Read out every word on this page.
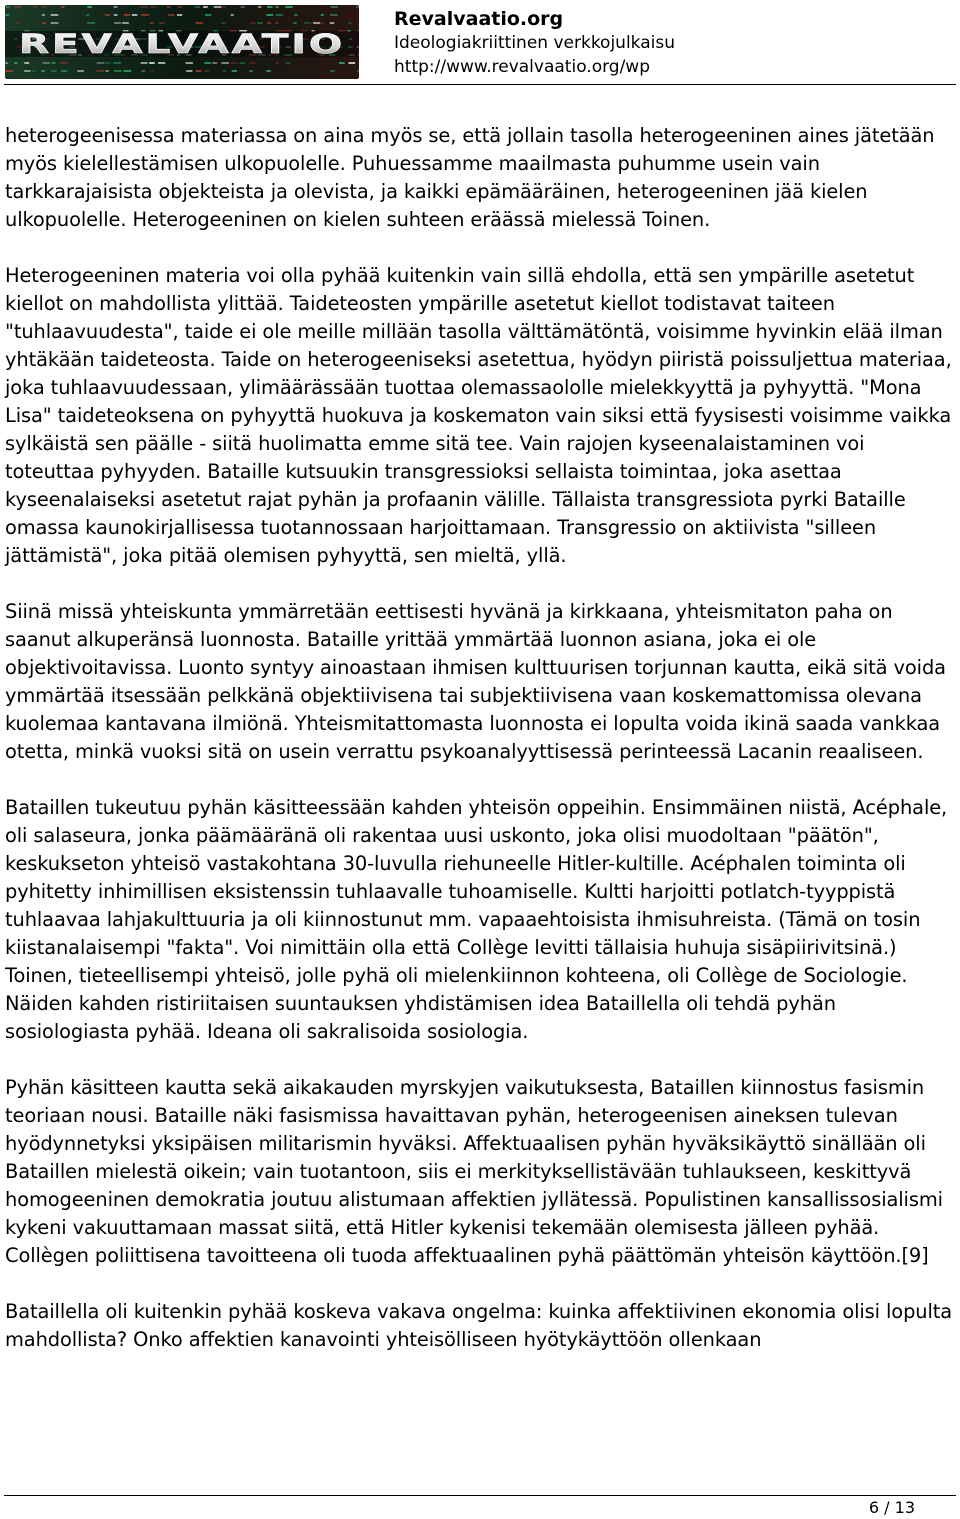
REVALVAATIO
Revalvaatio.org
Ideologiakriittinen verkkojulkaisu
http://www.revalvaatio.org/wp

heterogeenisessa materiassa on aina myös se, että jollain tasolla heterogeeninen aines jätetään myös kielellestämisen ulkopuolelle. Puhuessamme maailmasta puhumme usein vain tarkkarajaisista objekteista ja olevista, ja kaikki epämääräinen, heterogeeninen jää kielen ulkopuolelle. Heterogeeninen on kielen suhteen eräässä mielessä Toinen.

Heterogeeninen materia voi olla pyhää kuitenkin vain sillä ehdolla, että sen ympärille asetetut kiellot on mahdollista ylittää. Taideteosten ympärille asetetut kiellot todistavat taiteen "tuhlaavuudesta", taide ei ole meille millään tasolla välttämätöntä, voisimme hyvinkin elää ilman yhtäkään taideteosta. Taide on heterogeeniseksi asetettua, hyödyn piiristä poissuljettua materiaa, joka tuhlaavuudessaan, ylimäärässään tuottaa olemassaololle mielekkyyttä ja pyhyyttä. "Mona Lisa" taideteoksena on pyhyyttä huokuva ja koskematon vain siksi että fyysisesti voisimme vaikka sylkäistä sen päälle - siitä huolimatta emme sitä tee. Vain rajojen kyseenalaistaminen voi toteuttaa pyhyyden. Bataille kutsuukin transgressioksi sellaista toimintaa, joka asettaa kyseenalaiseksi asetetut rajat pyhän ja profaanin välille. Tällaista transgressiota pyrki Bataille omassa kaunokirjallisessa tuotannossaan harjoittamaan. Transgressio on aktiivista "silleen jättämistä", joka pitää olemisen pyhyyttä, sen mieltä, yllä.

Siinä missä yhteiskunta ymmärretään eettisesti hyvänä ja kirkkaana, yhteismitaton paha on saanut alkuperänsä luonnosta. Bataille yrittää ymmärtää luonnon asiana, joka ei ole objektivoitavissa. Luonto syntyy ainoastaan ihmisen kulttuurisen torjunnan kautta, eikä sitä voida ymmärtää itsessään pelkkänä objektiivisena tai subjektiivisena vaan koskemattomissa olevana kuolemaa kantavana ilmiönä. Yhteismitattomasta luonnosta ei lopulta voida ikinä saada vankkaa otetta, minkä vuoksi sitä on usein verrattu psykoanalyyttisessä perinteessä Lacanin reaaliseen.

Bataillen tukeutuu pyhän käsitteessään kahden yhteisön oppeihin. Ensimmäinen niistä, Acéphale, oli salaseura, jonka päämääränä oli rakentaa uusi uskonto, joka olisi muodoltaan "päätön", keskukseton yhteisö vastakohtana 30-luvulla riehuneelle Hitler-kultille. Acéphalen toiminta oli pyhitetty inhimillisen eksistenssin tuhlaavalle tuhoamiselle. Kultti harjoitti potlatch-tyyppistä tuhlaavaa lahjakulttuuria ja oli kiinnostunut mm. vapaaehtoisista ihmisuhreista. (Tämä on tosin kiistanalaisempi "fakta". Voi nimittäin olla että Collège levitti tällaisia huhuja sisäpiirivitsinä.) Toinen, tieteellisempi yhteisö, jolle pyhä oli mielenkiinnon kohteena, oli Collège de Sociologie. Näiden kahden ristiriitaisen suuntauksen yhdistämisen idea Bataillella oli tehdä pyhän sosiologiasta pyhää. Ideana oli sakralisoida sosiologia.

Pyhän käsitteen kautta sekä aikakauden myrskyjen vaikutuksesta, Bataillen kiinnostus fasismin teoriaan nousi. Bataille näki fasismissa havaittavan pyhän, heterogeenisen aineksen tulevan hyödynnetyksi yksipäisen militarismin hyväksi. Affektuaalisen pyhän hyväksikäyttö sinällään oli Bataillen mielestä oikein; vain tuotantoon, siis ei merkityksellistävään tuhlaukseen, keskittyvä homogeeninen demokratia joutuu alistumaan affektien jyllätessä. Populistinen kansallissosialismi kykeni vakuuttamaan massat siitä, että Hitler kykenisi tekemään olemisesta jälleen pyhää. Collègen poliittisena tavoitteena oli tuoda affektuaalinen pyhä päättömän yhteisön käyttöön.[9]

Bataillella oli kuitenkin pyhää koskeva vakava ongelma: kuinka affektiivinen ekonomia olisi lopulta mahdollista? Onko affektien kanavointi yhteisölliseen hyötykäyttöön ollenkaan

6 / 13
